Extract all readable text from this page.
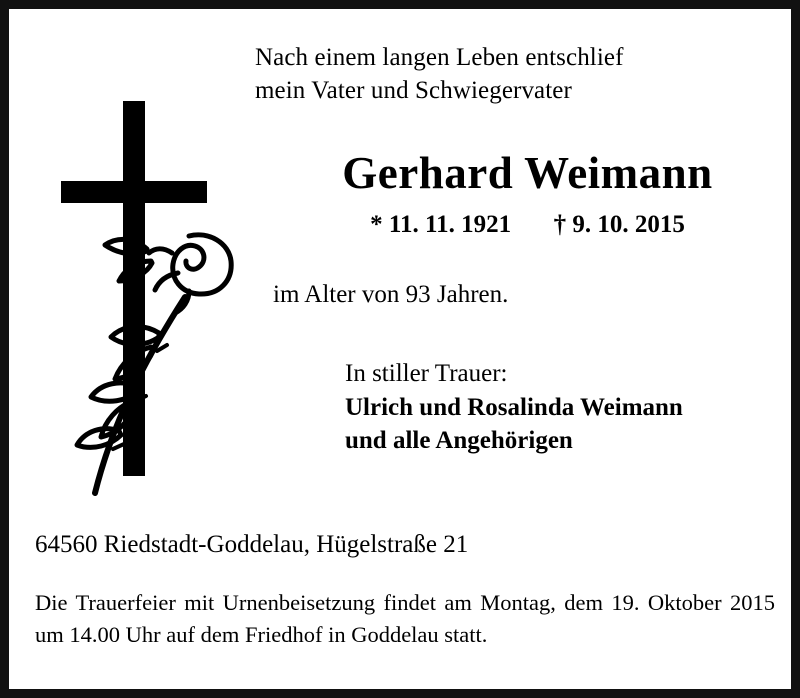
Nach einem langen Leben entschlief
mein Vater und Schwiegervater
Gerhard Weimann
* 11. 11. 1921 † 9. 10. 2015
im Alter von 93 Jahren.
In stiller Trauer:
Ulrich und Rosalinda Weimann
und alle Angehörigen
64560 Riedstadt-Goddelau, Hügelstraße 21
Die Trauerfeier mit Urnenbeisetzung findet am Montag, dem 19. Oktober 2015 um 14.00 Uhr auf dem Friedhof in Goddelau statt.
